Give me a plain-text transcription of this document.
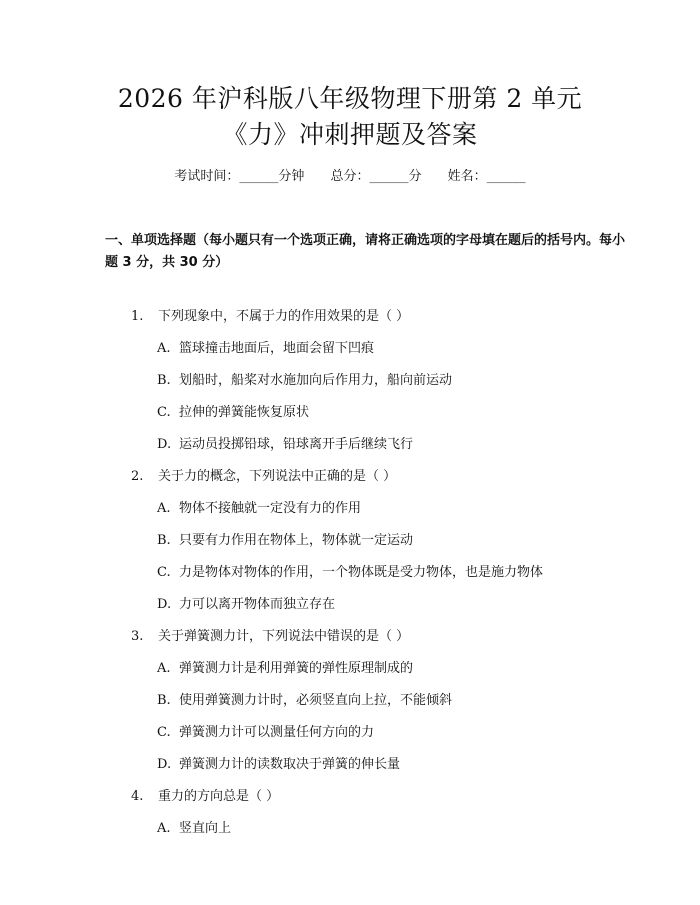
2026 年沪科版八年级物理下册第 2 单元
《力》冲刺押题及答案
考试时间：______分钟 总分：______分 姓名：______
一、单项选择题（每小题只有一个选项正确，请将正确选项的字母填在题后的括号内。每小题 3 分，共 30 分）
1. 下列现象中，不属于力的作用效果的是（ ）
A. 篮球撞击地面后，地面会留下凹痕
B. 划船时，船桨对水施加向后作用力，船向前运动
C. 拉伸的弹簧能恢复原状
D. 运动员投掷铅球，铅球离开手后继续飞行
2. 关于力的概念，下列说法中正确的是（ ）
A. 物体不接触就一定没有力的作用
B. 只要有力作用在物体上，物体就一定运动
C. 力是物体对物体的作用，一个物体既是受力物体，也是施力物体
D. 力可以离开物体而独立存在
3. 关于弹簧测力计，下列说法中错误的是（ ）
A. 弹簧测力计是利用弹簧的弹性原理制成的
B. 使用弹簧测力计时，必须竖直向上拉，不能倾斜
C. 弹簧测力计可以测量任何方向的力
D. 弹簧测力计的读数取决于弹簧的伸长量
4. 重力的方向总是（ ）
A. 竖直向上
